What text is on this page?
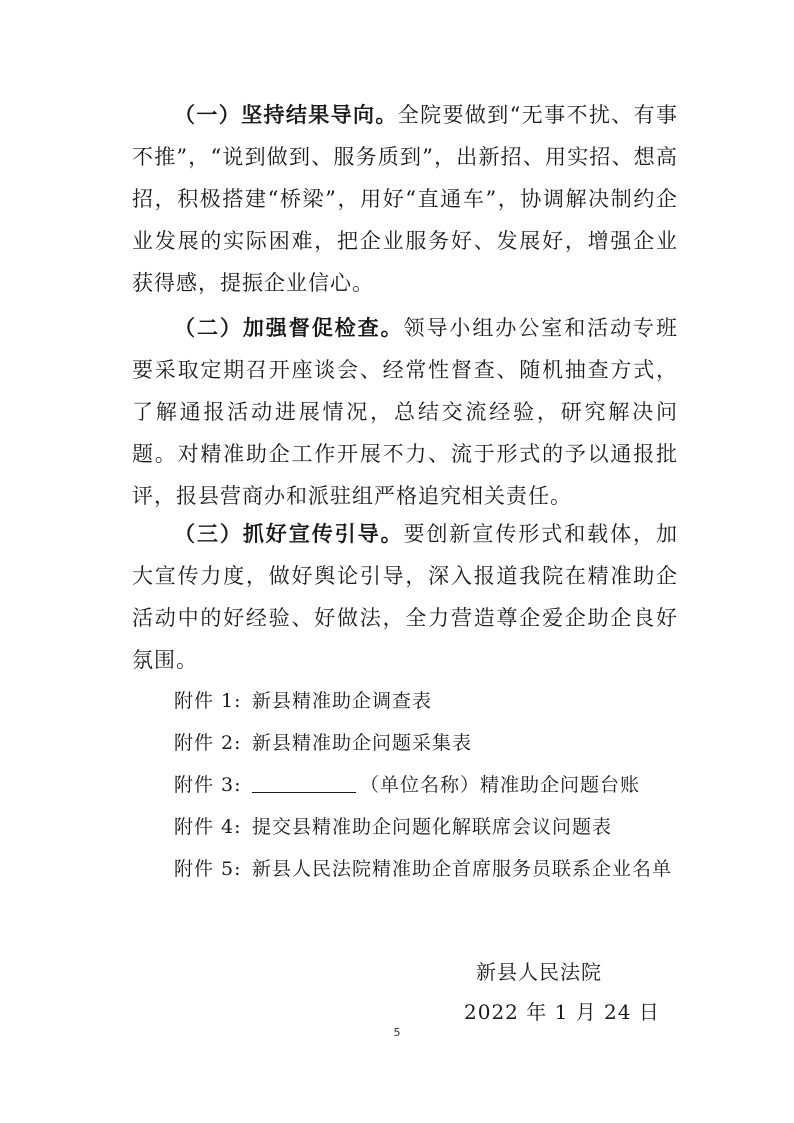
（一）坚持结果导向。全院要做到“无事不扰、有事不推”，“说到做到、服务质到”，出新招、用实招、想高招，积极搭建“桥梁”，用好“直通车”，协调解决制约企业发展的实际困难，把企业服务好、发展好，增强企业获得感，提振企业信心。
（二）加强督促检查。领导小组办公室和活动专班要采取定期召开座谈会、经常性督查、随机抽查方式，了解通报活动进展情况，总结交流经验，研究解决问题。对精准助企工作开展不力、流于形式的予以通报批评，报县营商办和派驻组严格追究相关责任。
（三）抓好宣传引导。要创新宣传形式和载体，加大宣传力度，做好舆论引导，深入报道我院在精准助企活动中的好经验、好做法，全力营造尊企爱企助企良好氛围。
附件 1: 新县精准助企调查表
附件 2: 新县精准助企问题采集表
附件 3:	（单位名称）精准助企问题台账
附件 4: 提交县精准助企问题化解联席会议问题表
附件 5: 新县人民法院精准助企首席服务员联系企业名单
新县人民法院
2022 年 1 月 24 日
5
